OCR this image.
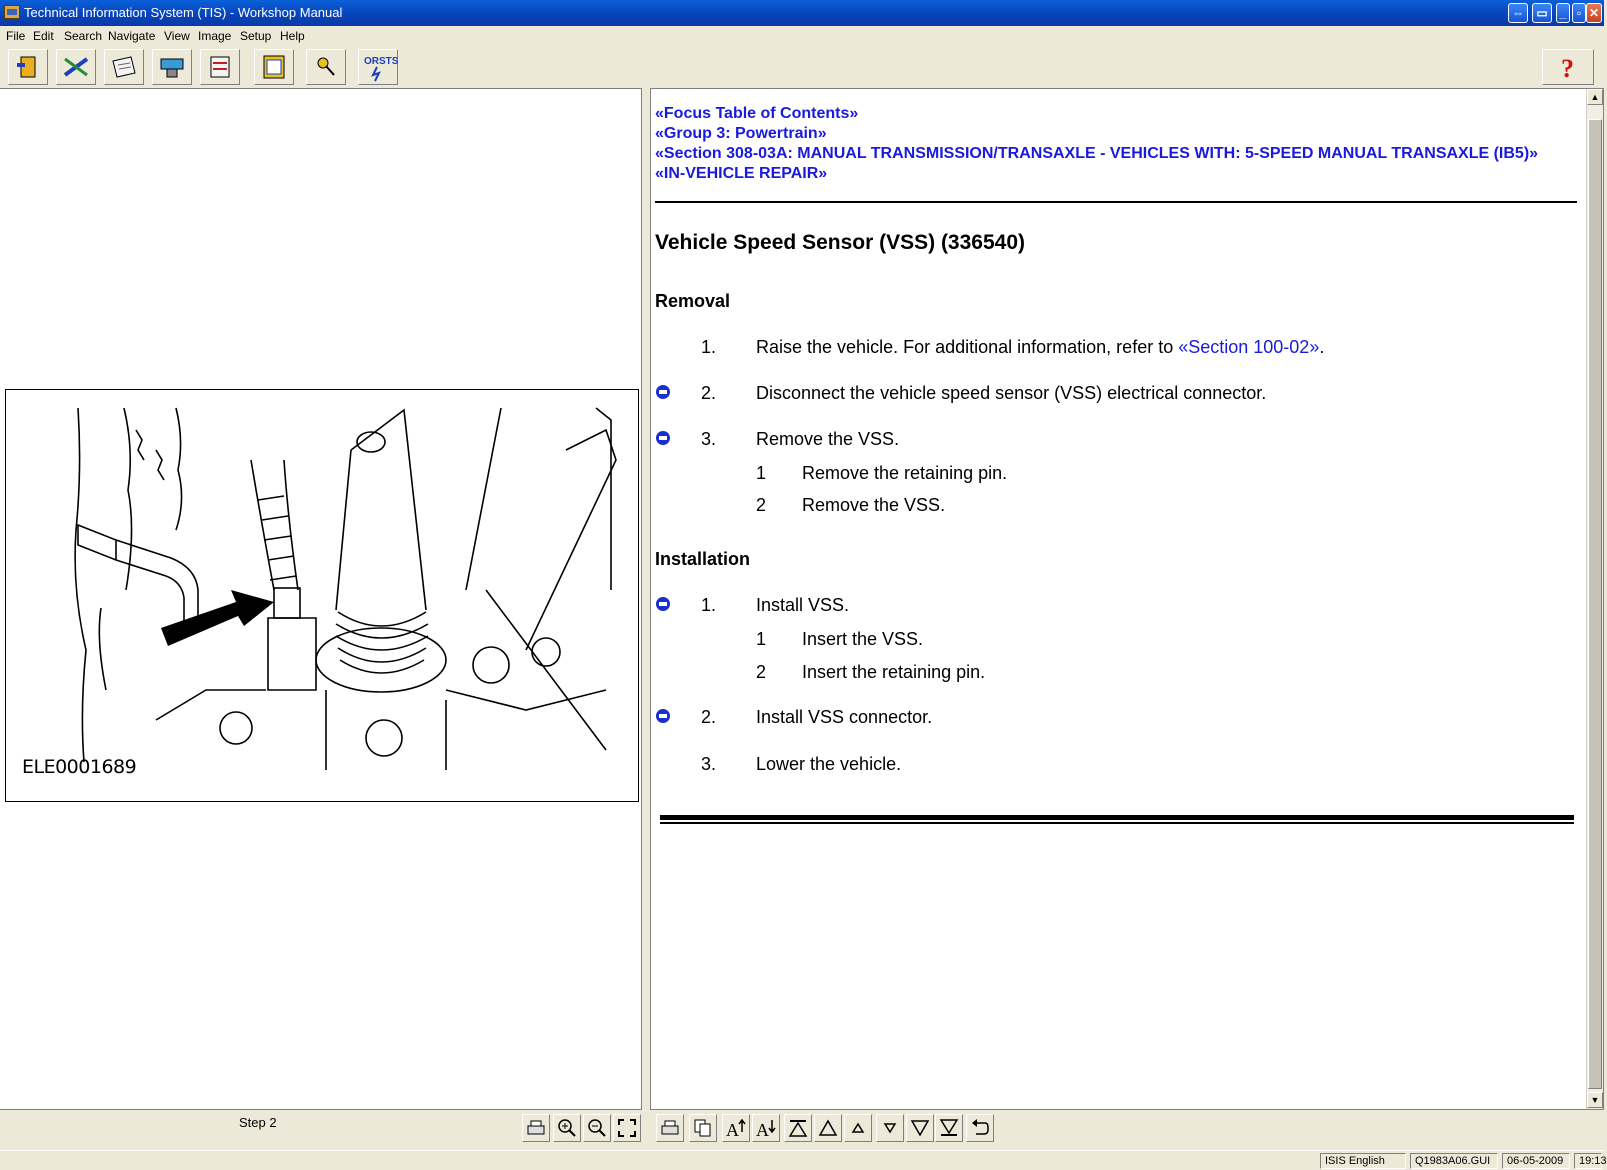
Technical Information System (TIS) - Workshop Manual	⇔	▭ _ ▫ ✕
File Edit Search Navigate View Image Setup Help
ORSTS	?
ELE0001689
«Focus Table of Contents»
«Group 3: Powertrain»
«Section 308-03A: MANUAL TRANSMISSION/TRANSAXLE - VEHICLES WITH: 5-SPEED MANUAL TRANSAXLE (IB5)»
«IN-VEHICLE REPAIR»
Vehicle Speed Sensor (VSS) (336540)
Removal
1. Raise the vehicle. For additional information, refer to «Section 100-02».
2. Disconnect the vehicle speed sensor (VSS) electrical connector.
3. Remove the VSS.
1 Remove the retaining pin.
2 Remove the VSS.
Installation
1. Install VSS.
1 Insert the VSS.
2 Insert the retaining pin.
2. Install VSS connector.
3. Lower the vehicle.
▲
▼
Step 2	A A
ISIS English	Q1983A06.GUI	06-05-2009	19:13
